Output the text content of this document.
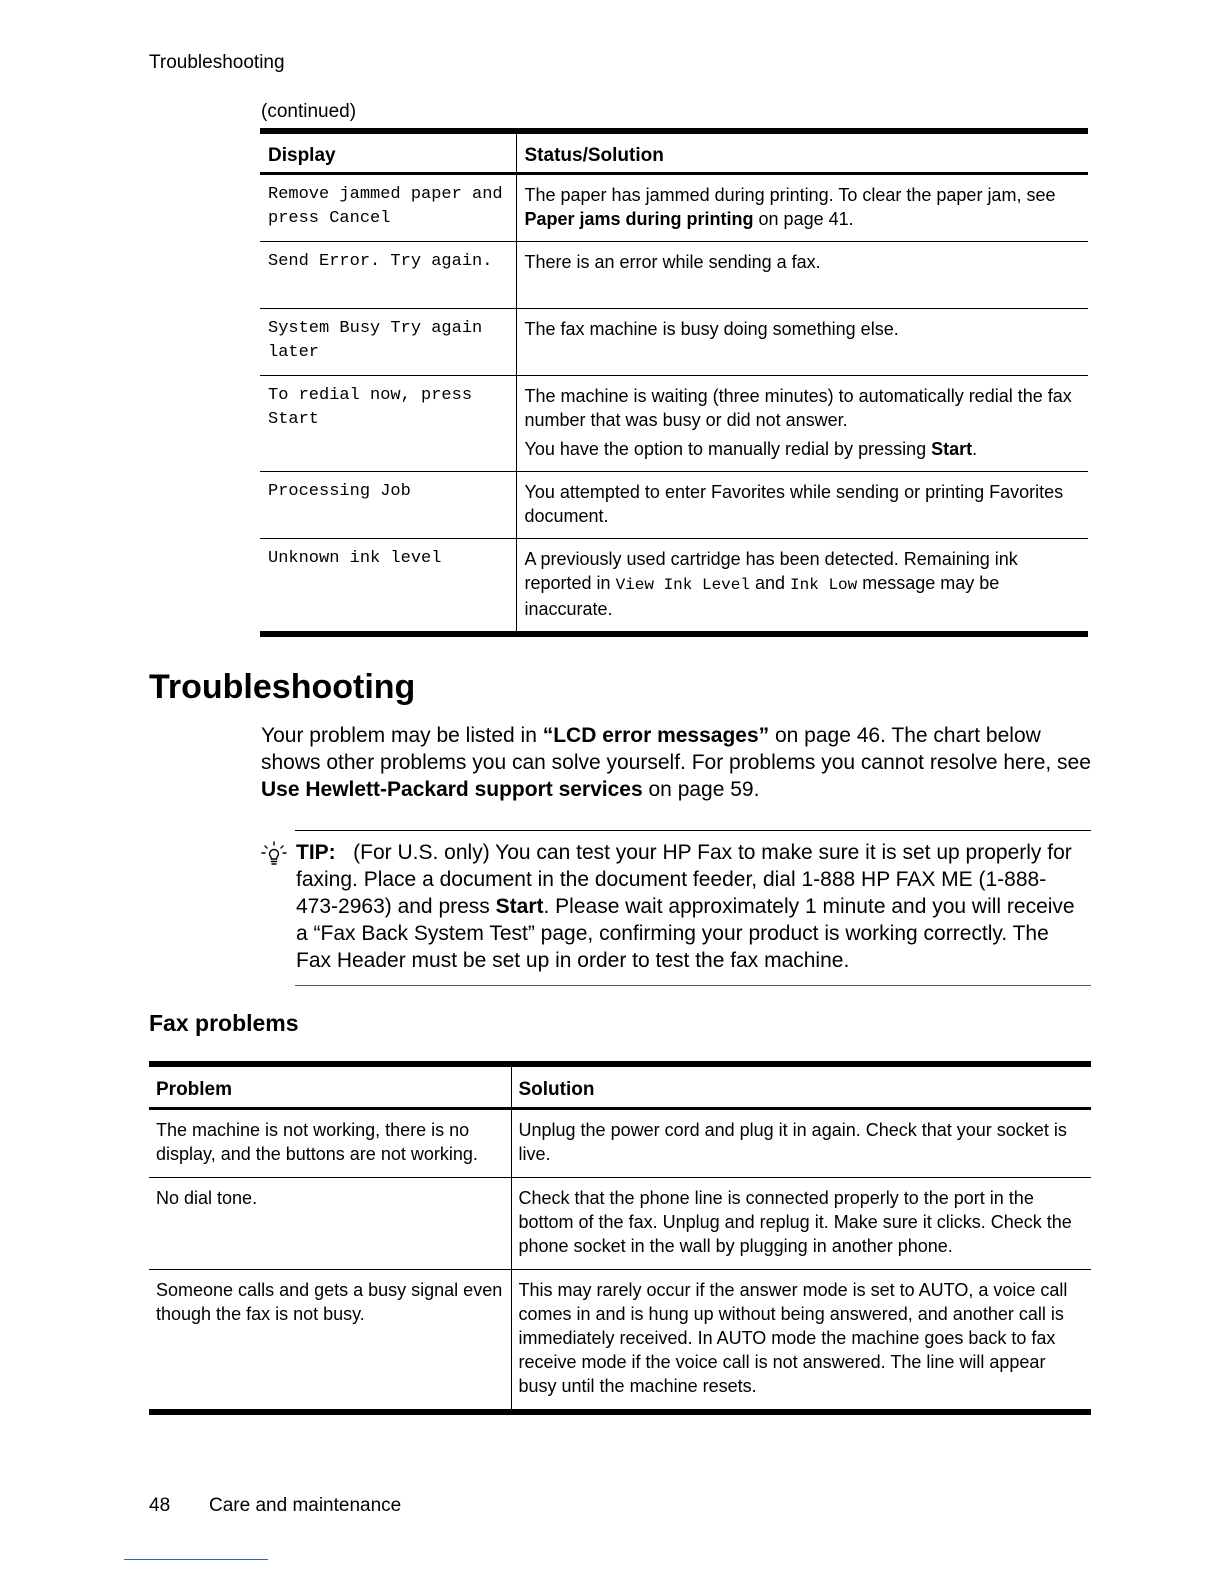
Troubleshooting
(continued)
Display	Status/Solution
Remove jammed paper and press Cancel	The paper has jammed during printing. To clear the paper jam, see Paper jams during printing on page 41.
Send Error. Try again.	There is an error while sending a fax.
System Busy Try again later	The fax machine is busy doing something else.
To redial now, press Start	The machine is waiting (three minutes) to automatically redial the fax number that was busy or did not answer.

You have the option to manually redial by pressing Start.

Processing Job	You attempted to enter Favorites while sending or printing Favorites document.
Unknown ink level	A previously used cartridge has been detected. Remaining ink reported in View Ink Level and Ink Low message may be inaccurate.
Troubleshooting

Your problem may be listed in “LCD error messages” on page 46. The chart below shows other problems you can solve yourself. For problems you cannot resolve here, see Use Hewlett-Packard support services on page 59.

TIP:   (For U.S. only) You can test your HP Fax to make sure it is set up properly for faxing. Place a document in the document feeder, dial 1-888 HP FAX ME (1-888-473-2963) and press Start. Please wait approximately 1 minute and you will receive a “Fax Back System Test” page, confirming your product is working correctly. The Fax Header must be set up in order to test the fax machine.

Fax problems
Problem	Solution
The machine is not working, there is no display, and the buttons are not working.	Unplug the power cord and plug it in again. Check that your socket is live.
No dial tone.	Check that the phone line is connected properly to the port in the bottom of the fax. Unplug and replug it. Make sure it clicks. Check the phone socket in the wall by plugging in another phone.
Someone calls and gets a busy signal even though the fax is not busy.	This may rarely occur if the answer mode is set to AUTO, a voice call comes in and is hung up without being answered, and another call is immediately received. In AUTO mode the machine goes back to fax receive mode if the voice call is not answered. The line will appear busy until the machine resets.
48 Care and maintenance
